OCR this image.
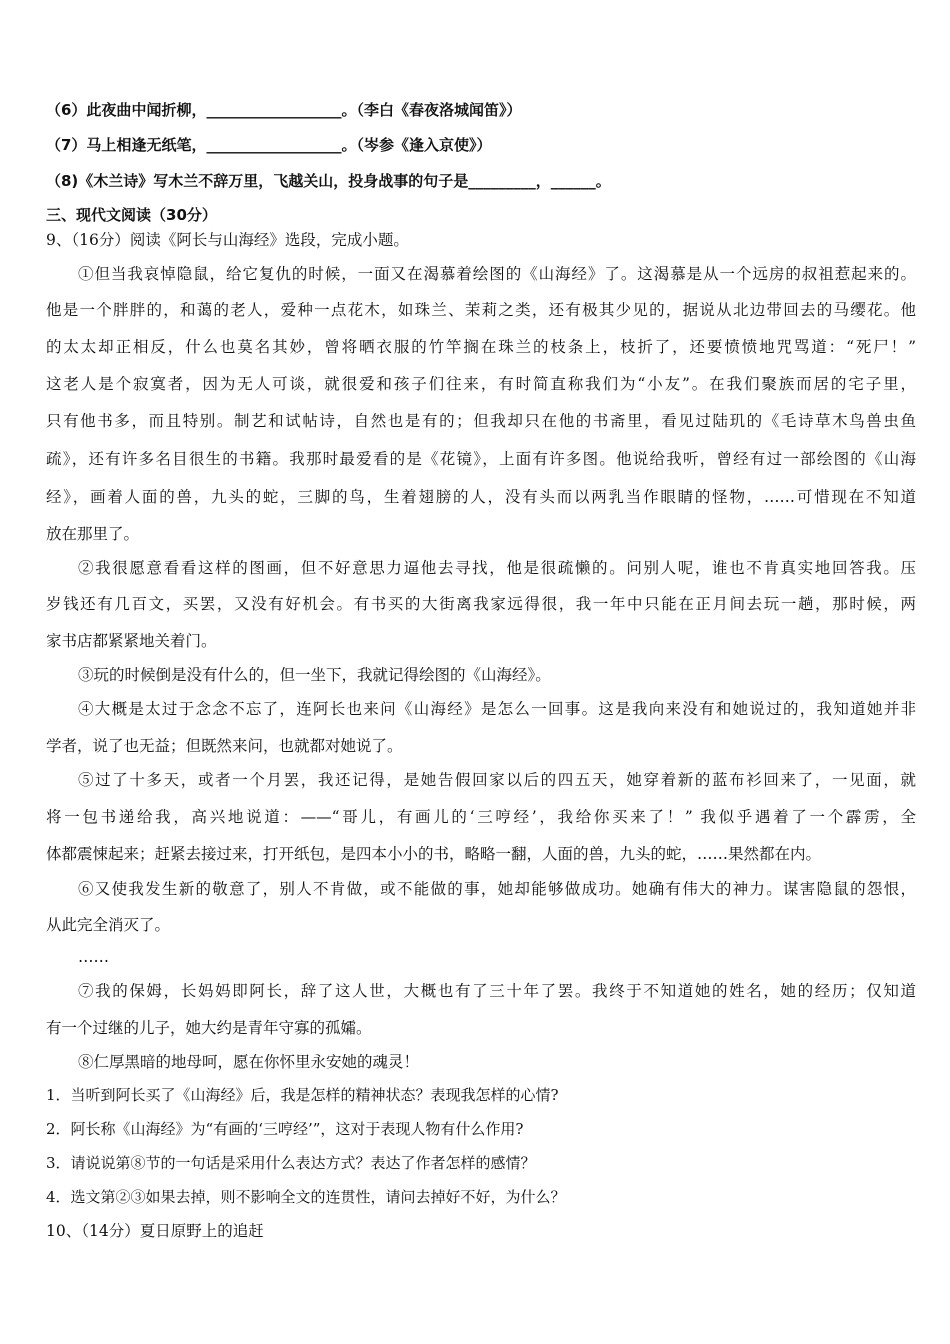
（6）此夜曲中闻折柳，__________________。（李白《春夜洛城闻笛》）
（7）马上相逢无纸笔，__________________。（岑参《逢入京使》）
（8)《木兰诗》写木兰不辞万里，飞越关山，投身战事的句子是_________，______。
三、现代文阅读（30分）
9、（16分）阅读《阿长与山海经》选段，完成小题。
①但当我哀悼隐鼠，给它复仇的时候，一面又在渴慕着绘图的《山海经》了。这渴慕是从一个远房的叔祖惹起来的。
他是一个胖胖的，和蔼的老人，爱种一点花木，如珠兰、茉莉之类，还有极其少见的，据说从北边带回去的马缨花。他
的太太却正相反，什么也莫名其妙，曾将晒衣服的竹竿搁在珠兰的枝条上，枝折了，还要愤愤地咒骂道：“死尸！”
这老人是个寂寞者，因为无人可谈，就很爱和孩子们往来，有时简直称我们为“小友”。在我们聚族而居的宅子里，
只有他书多，而且特别。制艺和试帖诗，自然也是有的；但我却只在他的书斋里，看见过陆玑的《毛诗草木鸟兽虫鱼
疏》，还有许多名目很生的书籍。我那时最爱看的是《花镜》，上面有许多图。他说给我听，曾经有过一部绘图的《山海
经》，画着人面的兽，九头的蛇，三脚的鸟，生着翅膀的人，没有头而以两乳当作眼睛的怪物，……可惜现在不知道
放在那里了。
②我很愿意看看这样的图画，但不好意思力逼他去寻找，他是很疏懒的。问别人呢，谁也不肯真实地回答我。压
岁钱还有几百文，买罢，又没有好机会。有书买的大街离我家远得很，我一年中只能在正月间去玩一趟，那时候，两
家书店都紧紧地关着门。
③玩的时候倒是没有什么的，但一坐下，我就记得绘图的《山海经》。
④大概是太过于念念不忘了，连阿长也来问《山海经》是怎么一回事。这是我向来没有和她说过的，我知道她并非
学者，说了也无益；但既然来问，也就都对她说了。
⑤过了十多天，或者一个月罢，我还记得，是她告假回家以后的四五天，她穿着新的蓝布衫回来了，一见面，就
将一包书递给我，高兴地说道：——“哥儿，有画儿的‘三哼经’，我给你买来了！” 我似乎遇着了一个霹雳，全
体都震悚起来；赶紧去接过来，打开纸包，是四本小小的书，略略一翻，人面的兽，九头的蛇，……果然都在内。
⑥又使我发生新的敬意了，别人不肯做，或不能做的事，她却能够做成功。她确有伟大的神力。谋害隐鼠的怨恨，
从此完全消灭了。
……
⑦我的保姆，长妈妈即阿长，辞了这人世，大概也有了三十年了罢。我终于不知道她的姓名，她的经历；仅知道
有一个过继的儿子，她大约是青年守寡的孤孀。
⑧仁厚黑暗的地母呵，愿在你怀里永安她的魂灵！
1．当听到阿长买了《山海经》后，我是怎样的精神状态？表现我怎样的心情?
2．阿长称《山海经》为“有画的‘三哼经’”，这对于表现人物有什么作用?
3．请说说第⑧节的一句话是采用什么表达方式？表达了作者怎样的感情？
4．选文第②③如果去掉，则不影响全文的连贯性，请问去掉好不好，为什么？
10、（14分）夏日原野上的追赶
